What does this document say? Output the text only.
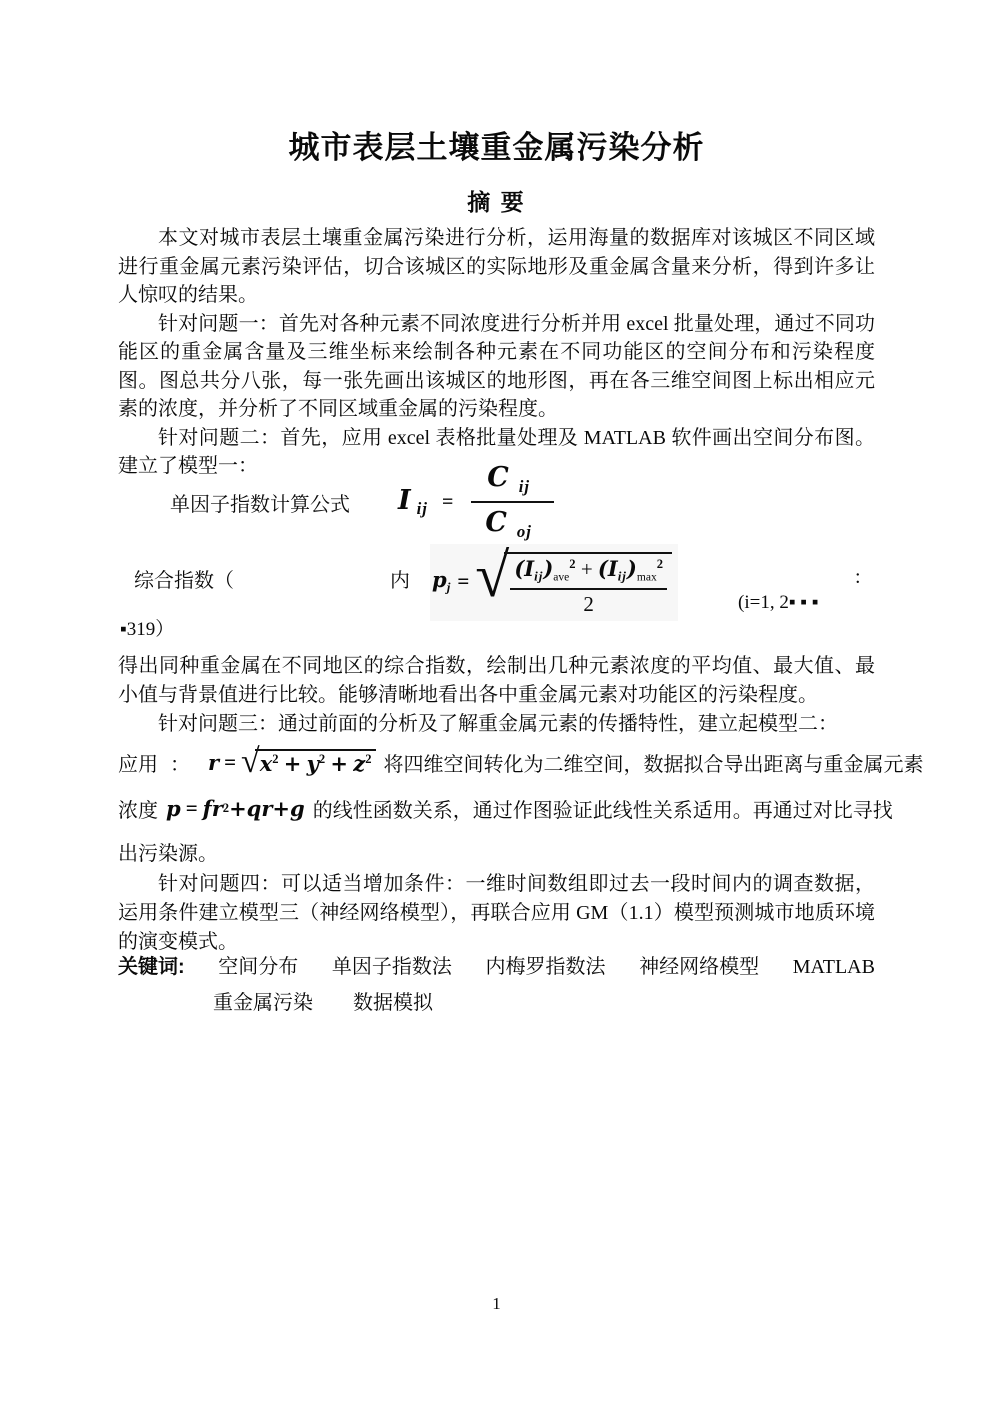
城市表层土壤重金属污染分析
摘 要

本文对城市表层土壤重金属污染进行分析，运用海量的数据库对该城区不同区域进行重金属元素污染评估，切合该城区的实际地形及重金属含量来分析，得到许多让人惊叹的结果。

针对问题一：首先对各种元素不同浓度进行分析并用 excel 批量处理，通过不同功能区的重金属含量及三维坐标来绘制各种元素在不同功能区的空间分布和污染程度图。图总共分八张，每一张先画出该城区的地形图，再在各三维空间图上标出相应元素的浓度，并分析了不同区域重金属的污染程度。

针对问题二：首先，应用 excel 表格批量处理及 MATLAB 软件画出空间分布图。建立了模型一：

单因子指数计算公式 I $_{ij} = \frac{C _{ij}}{C _{oj}}$
综合指数（	内 $p_j$ = √ $\frac{(I_{ij})_{ave}^2 + (I_{ij})_{max}^2}{2}$	:
(i=1, 2▪ ▪ ▪
▪319）

得出同种重金属在不同地区的综合指数，绘制出几种元素浓度的平均值、最大值、最小值与背景值进行比较。能够清晰地看出各中重金属元素对功能区的污染程度。

针对问题三：通过前面的分析及了解重金属元素的传播特性，建立起模型二：

应用 ： r = √ $x^2 + y^2 + z^2$ 将四维空间转化为二维空间，数据拟合导出距离与重金属元素
浓度 p = fr 2 + qr + g 的线性函数关系，通过作图验证此线性关系适用。再通过对比寻找
出污染源。

针对问题四：可以适当增加条件：一维时间数组即过去一段时间内的调查数据，运用条件建立模型三（神经网络模型），再联合应用 GM（1.1）模型预测城市地质环境的演变模式。

关键词: 空间分布 单因子指数法 内梅罗指数法 神经网络模型 MATLAB
重金属污染 数据模拟
1
